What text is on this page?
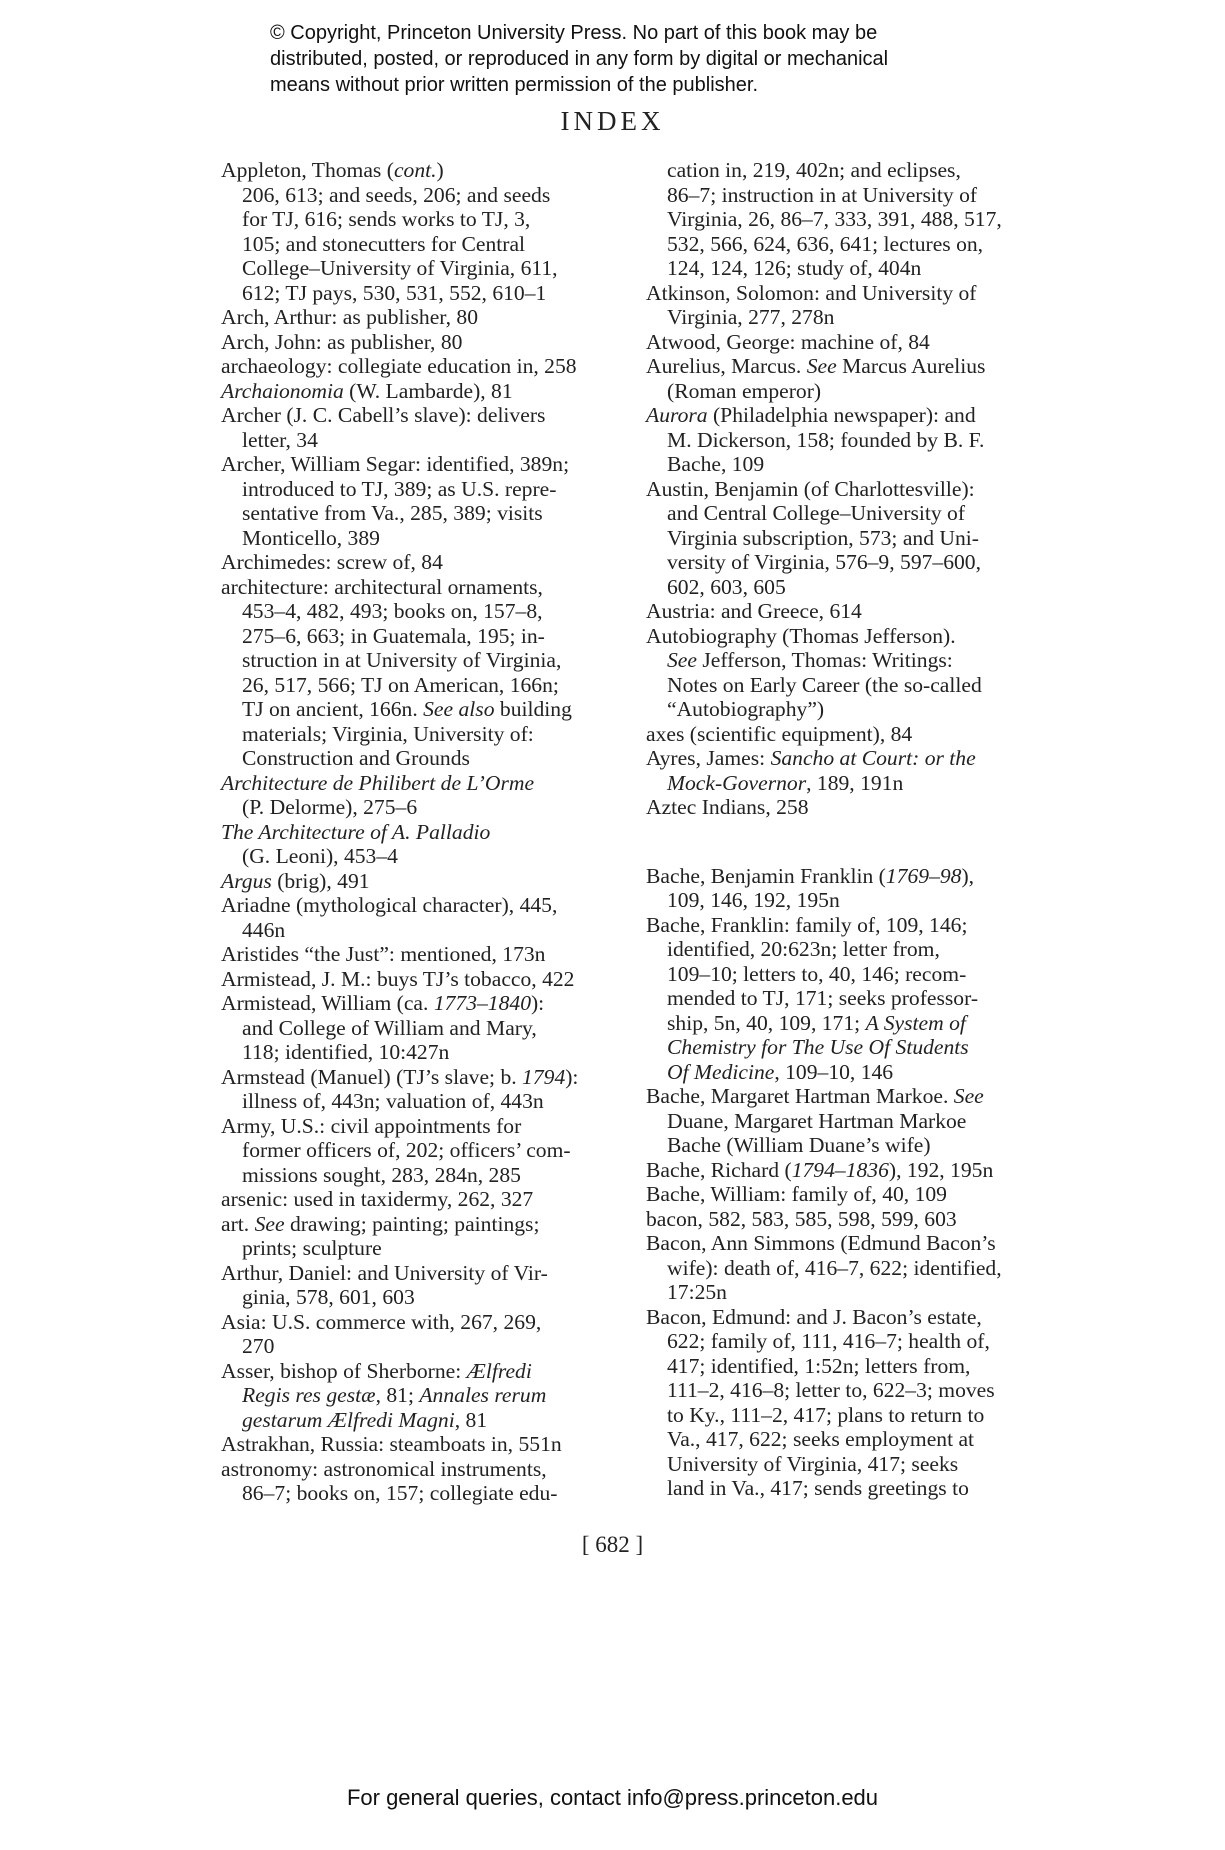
© Copyright, Princeton University Press. No part of this book may be
distributed, posted, or reproduced in any form by digital or mechanical
means without prior written permission of the publisher.
INDEX
Appleton, Thomas (cont.)
206, 613; and seeds, 206; and seeds
for TJ, 616; sends works to TJ, 3,
105; and stonecutters for Central
College–University of Virginia, 611,
612; TJ pays, 530, 531, 552, 610–1
Arch, Arthur: as publisher, 80
Arch, John: as publisher, 80
archaeology: collegiate education in, 258
Archaionomia (W. Lambarde), 81
Archer (J. C. Cabell’s slave): delivers
letter, 34
Archer, William Segar: identified, 389n;
introduced to TJ, 389; as U.S. repre-
sentative from Va., 285, 389; visits
Monticello, 389
Archimedes: screw of, 84
architecture: architectural ornaments,
453–4, 482, 493; books on, 157–8,
275–6, 663; in Guatemala, 195; in-
struction in at University of Virginia,
26, 517, 566; TJ on American, 166n;
TJ on ancient, 166n. See also building
materials; Virginia, University of:
Construction and Grounds
Architecture de Philibert de L’Orme
(P. Delorme), 275–6
The Architecture of A. Palladio
(G. Leoni), 453–4
Argus (brig), 491
Ariadne (mythological character), 445,
446n
Aristides “the Just”: mentioned, 173n
Armistead, J. M.: buys TJ’s tobacco, 422
Armistead, William (ca. 1773–1840):
and College of William and Mary,
118; identified, 10:427n
Armstead (Manuel) (TJ’s slave; b. 1794):
illness of, 443n; valuation of, 443n
Army, U.S.: civil appointments for
former officers of, 202; officers’ com-
missions sought, 283, 284n, 285
arsenic: used in taxidermy, 262, 327
art. See drawing; painting; paintings;
prints; sculpture
Arthur, Daniel: and University of Vir-
ginia, 578, 601, 603
Asia: U.S. commerce with, 267, 269,
270
Asser, bishop of Sherborne: Ælfredi
Regis res gestæ, 81; Annales rerum
gestarum Ælfredi Magni, 81
Astrakhan, Russia: steamboats in, 551n
astronomy: astronomical instruments,
86–7; books on, 157; collegiate edu-
cation in, 219, 402n; and eclipses,
86–7; instruction in at University of
Virginia, 26, 86–7, 333, 391, 488, 517,
532, 566, 624, 636, 641; lectures on,
124, 124, 126; study of, 404n
Atkinson, Solomon: and University of
Virginia, 277, 278n
Atwood, George: machine of, 84
Aurelius, Marcus. See Marcus Aurelius
(Roman emperor)
Aurora (Philadelphia newspaper): and
M. Dickerson, 158; founded by B. F.
Bache, 109
Austin, Benjamin (of Charlottesville):
and Central College–University of
Virginia subscription, 573; and Uni-
versity of Virginia, 576–9, 597–600,
602, 603, 605
Austria: and Greece, 614
Autobiography (Thomas Jefferson).
See Jefferson, Thomas: Writings:
Notes on Early Career (the so-called
“Autobiography”)
axes (scientific equipment), 84
Ayres, James: Sancho at Court: or the
Mock-Governor, 189, 191n
Aztec Indians, 258
Bache, Benjamin Franklin (1769–98),
109, 146, 192, 195n
Bache, Franklin: family of, 109, 146;
identified, 20:623n; letter from,
109–10; letters to, 40, 146; recom-
mended to TJ, 171; seeks professor-
ship, 5n, 40, 109, 171; A System of
Chemistry for The Use Of Students
Of Medicine, 109–10, 146
Bache, Margaret Hartman Markoe. See
Duane, Margaret Hartman Markoe
Bache (William Duane’s wife)
Bache, Richard (1794–1836), 192, 195n
Bache, William: family of, 40, 109
bacon, 582, 583, 585, 598, 599, 603
Bacon, Ann Simmons (Edmund Bacon’s
wife): death of, 416–7, 622; identified,
17:25n
Bacon, Edmund: and J. Bacon’s estate,
622; family of, 111, 416–7; health of,
417; identified, 1:52n; letters from,
111–2, 416–8; letter to, 622–3; moves
to Ky., 111–2, 417; plans to return to
Va., 417, 622; seeks employment at
University of Virginia, 417; seeks
land in Va., 417; sends greetings to
[ 682 ]
For general queries, contact info@press.princeton.edu
